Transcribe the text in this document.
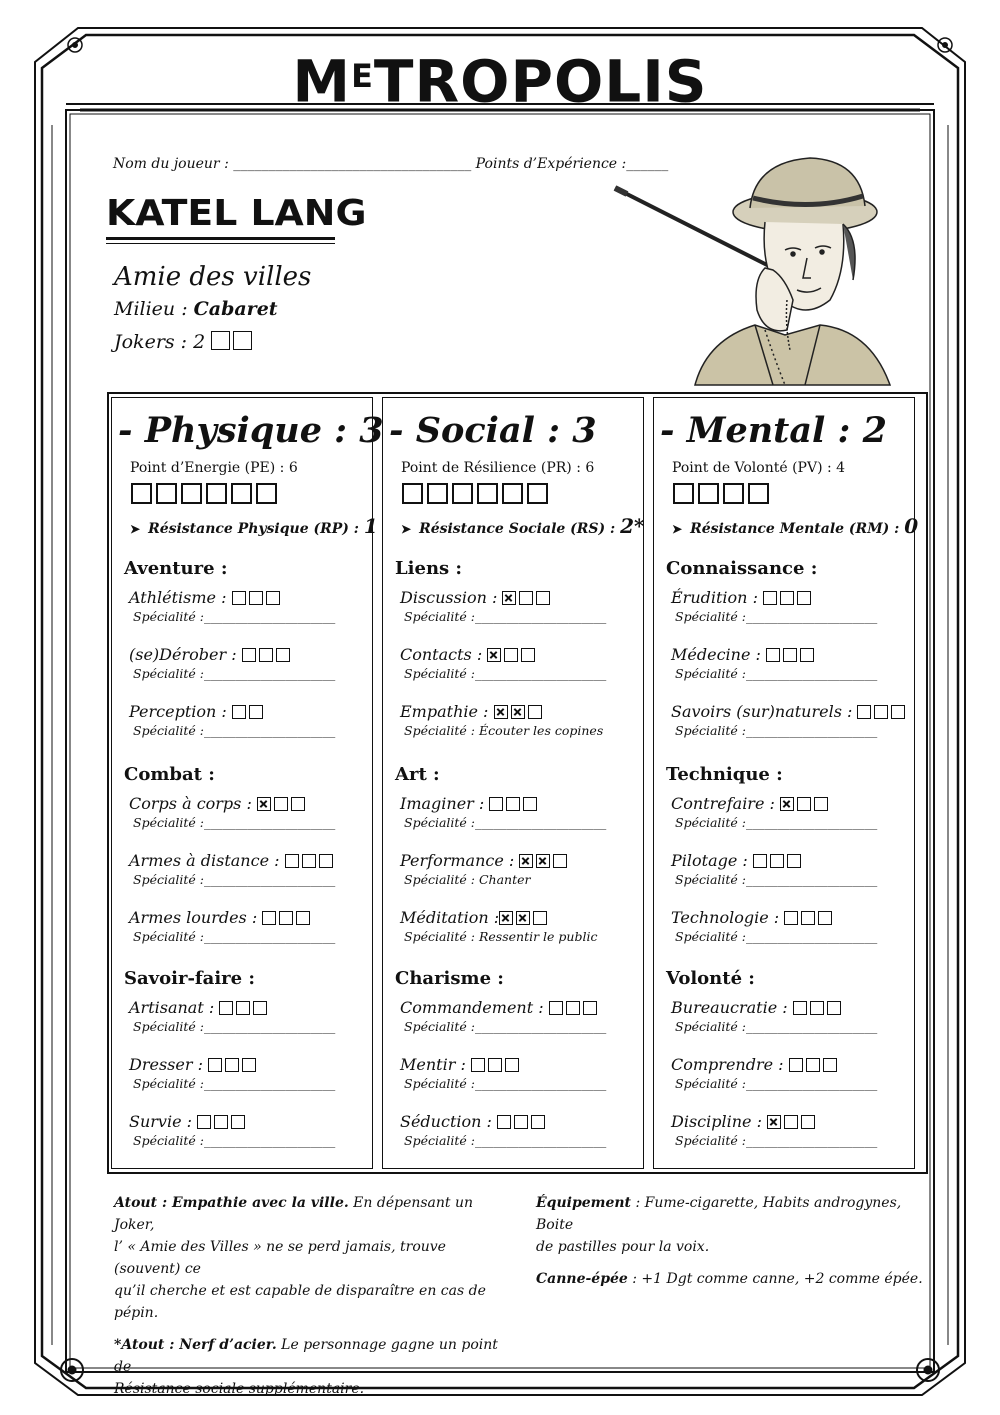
$M^ETROPOLIS$
Nom du joueur : __________________________________ Points d’Expérience :______
KATEL LANG
Amie des villes
Milieu : Cabaret
Jokers : 2
- Physique : 3
Point d’Energie (PE) : 6
➤ Résistance Physique (RP) : 1
Aventure :
Athlétisme :
Spécialité :_____________________
(se)Dérober :
Spécialité :_____________________
Perception :
Spécialité :_____________________
Combat :
Corps à corps :
Spécialité :_____________________
Armes à distance :
Spécialité :_____________________
Armes lourdes :
Spécialité :_____________________
Savoir-faire :
Artisanat :
Spécialité :_____________________
Dresser :
Spécialité :_____________________
Survie :
Spécialité :_____________________
- Social : 3
Point de Résilience (PR) : 6
➤ Résistance Sociale (RS) : 2*
Liens :
Discussion :
Spécialité :_____________________
Contacts :
Spécialité :_____________________
Empathie :
Spécialité : Écouter les copines
Art :
Imaginer :
Spécialité :_____________________
Performance :
Spécialité : Chanter
Méditation :
Spécialité : Ressentir le public
Charisme :
Commandement :
Spécialité :_____________________
Mentir :
Spécialité :_____________________
Séduction :
Spécialité :_____________________
- Mental : 2
Point de Volonté (PV) : 4
➤ Résistance Mentale (RM) : 0
Connaissance :
Érudition :
Spécialité :_____________________
Médecine :
Spécialité :_____________________
Savoirs (sur)naturels :
Spécialité :_____________________
Technique :
Contrefaire :
Spécialité :_____________________
Pilotage :
Spécialité :_____________________
Technologie :
Spécialité :_____________________
Volonté :
Bureaucratie :
Spécialité :_____________________
Comprendre :
Spécialité :_____________________
Discipline :
Spécialité :_____________________
Atout : Empathie avec la ville. En dépensant un Joker,
l’ « Amie des Villes » ne se perd jamais, trouve (souvent) ce
qu’il cherche et est capable de disparaître en cas de pépin.
*Atout : Nerf d’acier. Le personnage gagne un point de
Résistance sociale supplémentaire.
Équipement : Fume-cigarette, Habits androgynes, Boite
de pastilles pour la voix.
Canne-épée : +1 Dgt comme canne, +2 comme épée.
